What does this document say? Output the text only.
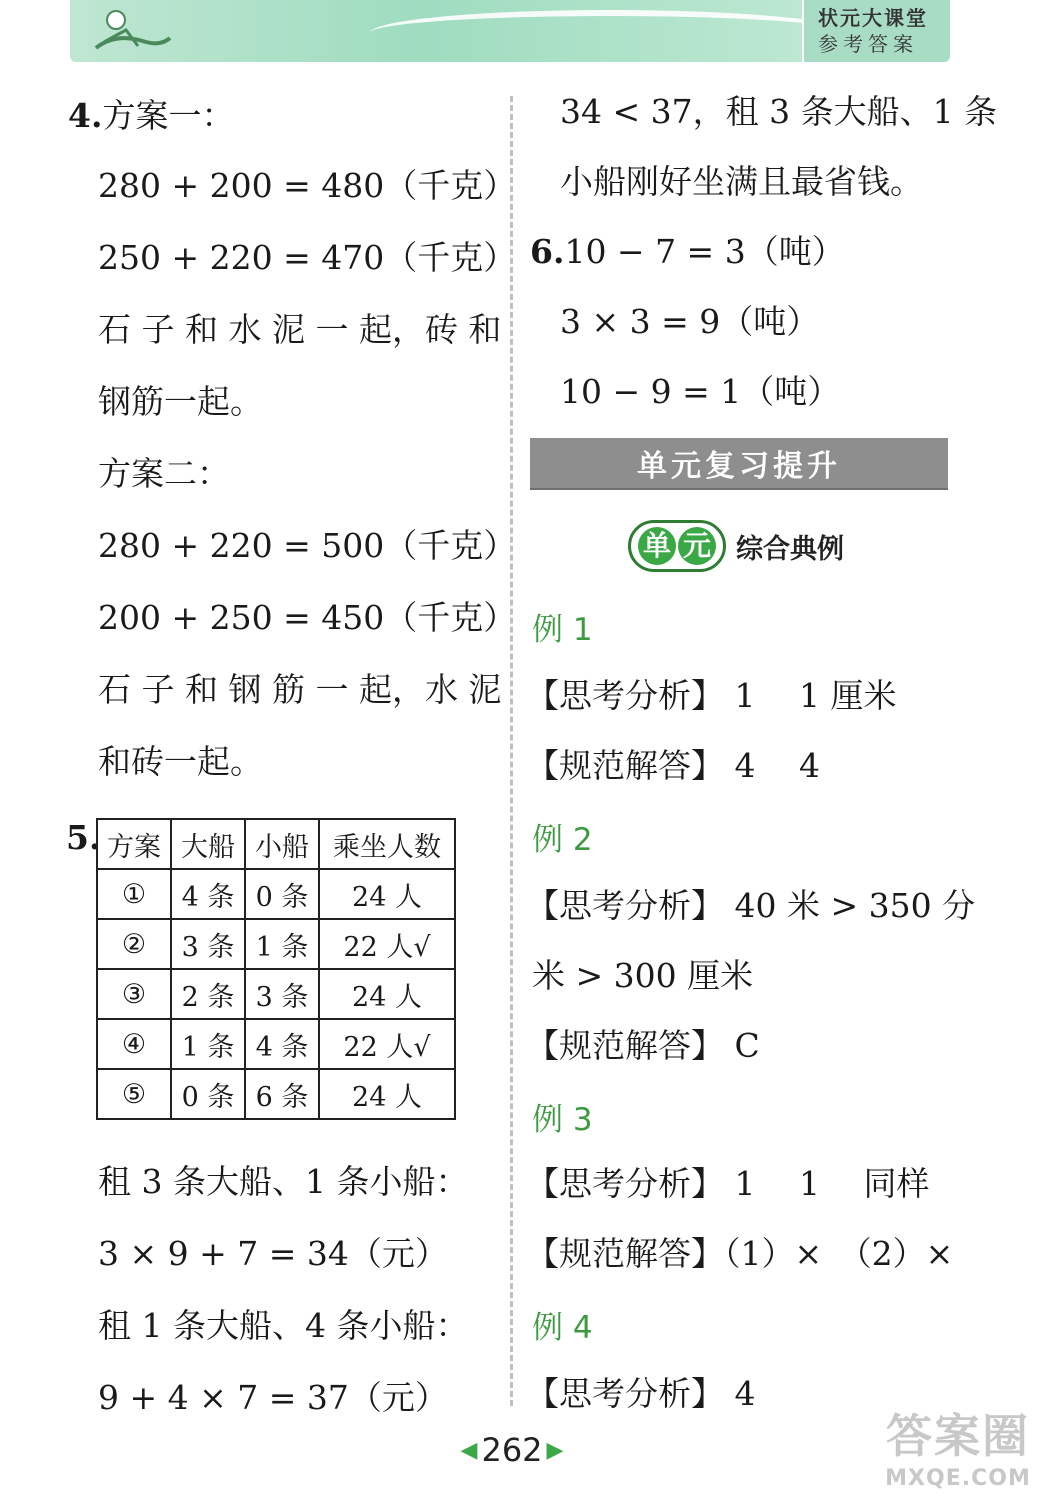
状元大课堂
参考答案
4.方案一：
280 + 200 = 480（千克）
250 + 220 = 470（千克）
石 子 和 水 泥 一 起，砖 和
钢筋一起。
方案二：
280 + 220 = 500（千克）
200 + 250 = 450（千克）
石 子 和 钢 筋 一 起，水 泥
和砖一起。
5. 方案	大船	小船	乘坐人数
①	4 条	0 条	24 人
②	3 条	1 条	22 人√
③	2 条	3 条	24 人
④	1 条	4 条	22 人√
⑤	0 条	6 条	24 人
租 3 条大船、1 条小船：
3 × 9 + 7 = 34（元）
租 1 条大船、4 条小船：
9 + 4 × 7 = 37（元）
34 < 37，租 3 条大船、1 条
小船刚好坐满且最省钱。
6.10 − 7 = 3（吨）
3 × 3 = 9（吨）
10 − 9 = 1（吨）
单元复习提升
单 元 综合典例
例 1
【思考分析】 1　 1 厘米
【规范解答】 4　 4
例 2
【思考分析】 40 米 > 350 分
米 > 300 厘米
【规范解答】 C
例 3
【思考分析】 1　 1　 同样
【规范解答】（1）×　（2）×
例 4
【思考分析】 4
◀ 262 ▶	答案圈
MXQE.COM
